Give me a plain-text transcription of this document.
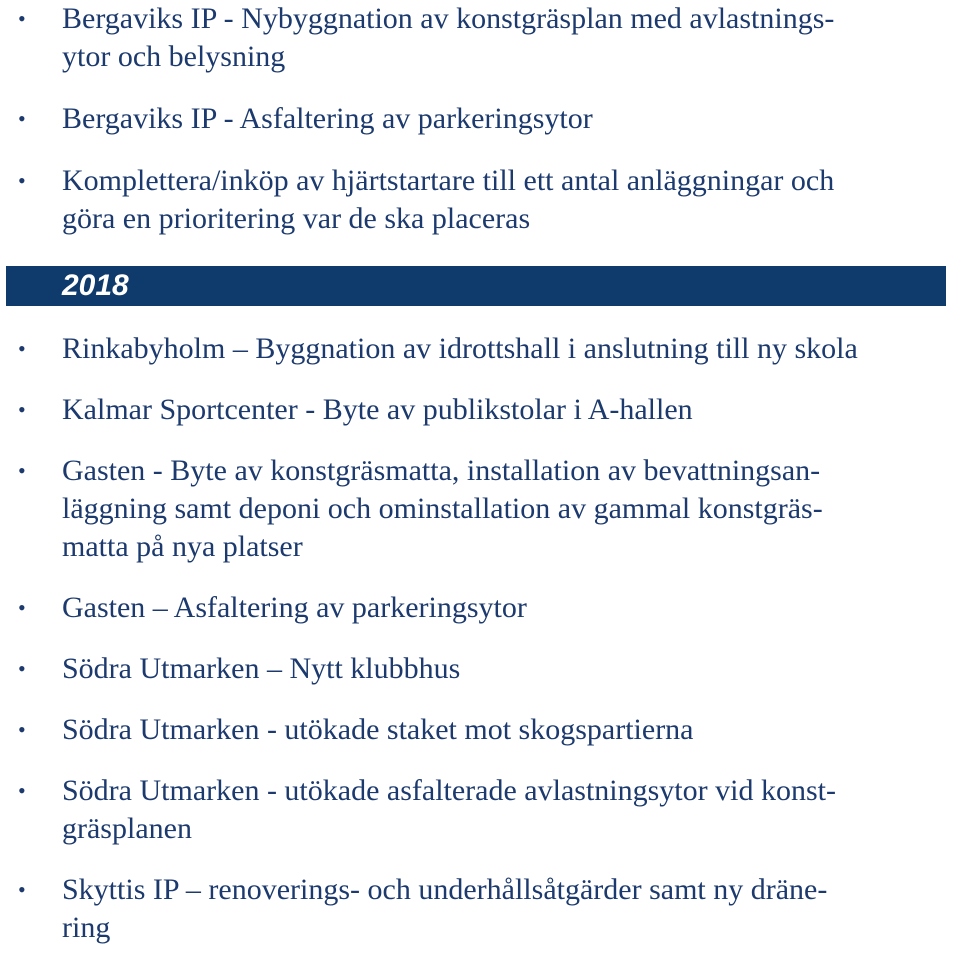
• Bergaviks IP - Nybyggnation av konstgräsplan med avlastnings-
ytor och belysning
• Bergaviks IP - Asfaltering av parkeringsytor
• Komplettera/inköp av hjärtstartare till ett antal anläggningar och
göra en prioritering var de ska placeras
2018
• Rinkabyholm – Byggnation av idrottshall i anslutning till ny skola
• Kalmar Sportcenter - Byte av publikstolar i A-hallen
• Gasten - Byte av konstgräsmatta, installation av bevattningsan-
läggning samt deponi och ominstallation av gammal konstgräs-
matta på nya platser
• Gasten – Asfaltering av parkeringsytor
• Södra Utmarken – Nytt klubbhus
• Södra Utmarken - utökade staket mot skogspartierna
• Södra Utmarken - utökade asfalterade avlastningsytor vid konst-
gräsplanen
• Skyttis IP – renoverings- och underhållsåtgärder samt ny dräne-
ring
